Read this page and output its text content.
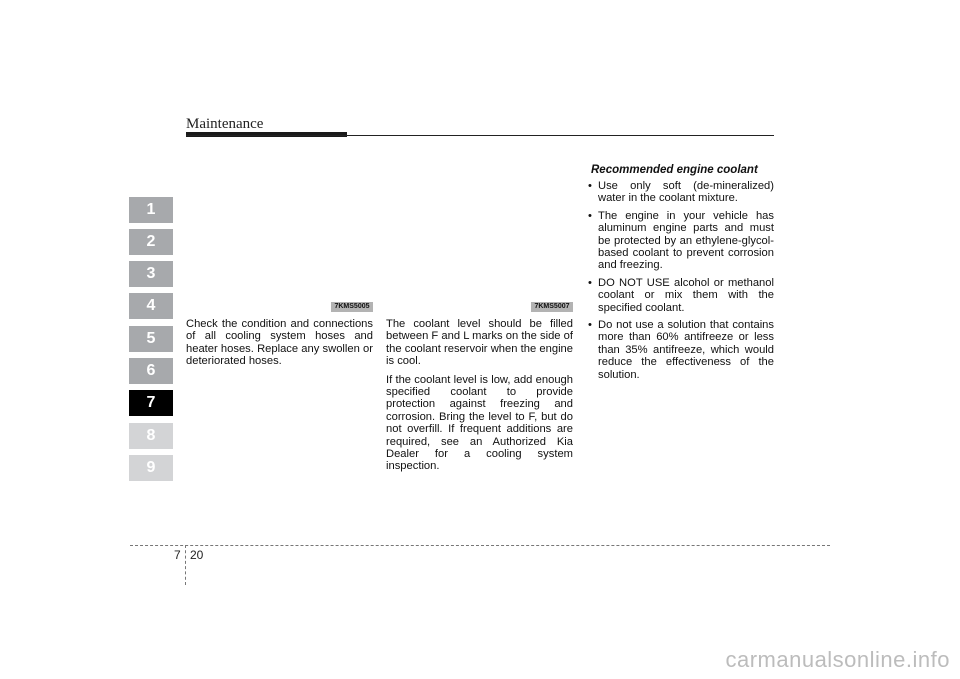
Maintenance
1
2
3
4
5
6
7
8
9
7KMS5005

Check the condition and connections of all cooling system hoses and heater hoses. Replace any swollen or deteriorated hoses.

7KMS5007

The coolant level should be filled between F and L marks on the side of the coolant reservoir when the engine is cool.

If the coolant level is low, add enough specified coolant to provide protection against freezing and corrosion. Bring the level to F, but do not overfill. If frequent additions are required, see an Authorized Kia Dealer for a cooling system inspection.

Recommended engine coolant
• Use only soft (de-mineralized) water in the coolant mixture.
• The engine in your vehicle has aluminum engine parts and must be protected by an ethylene-glycol-based coolant to prevent corrosion and freezing.
• DO NOT USE alcohol or methanol coolant or mix them with the specified coolant.
• Do not use a solution that contains more than 60% antifreeze or less than 35% antifreeze, which would reduce the effectiveness of the solution.
7 20
carmanualsonline.info
